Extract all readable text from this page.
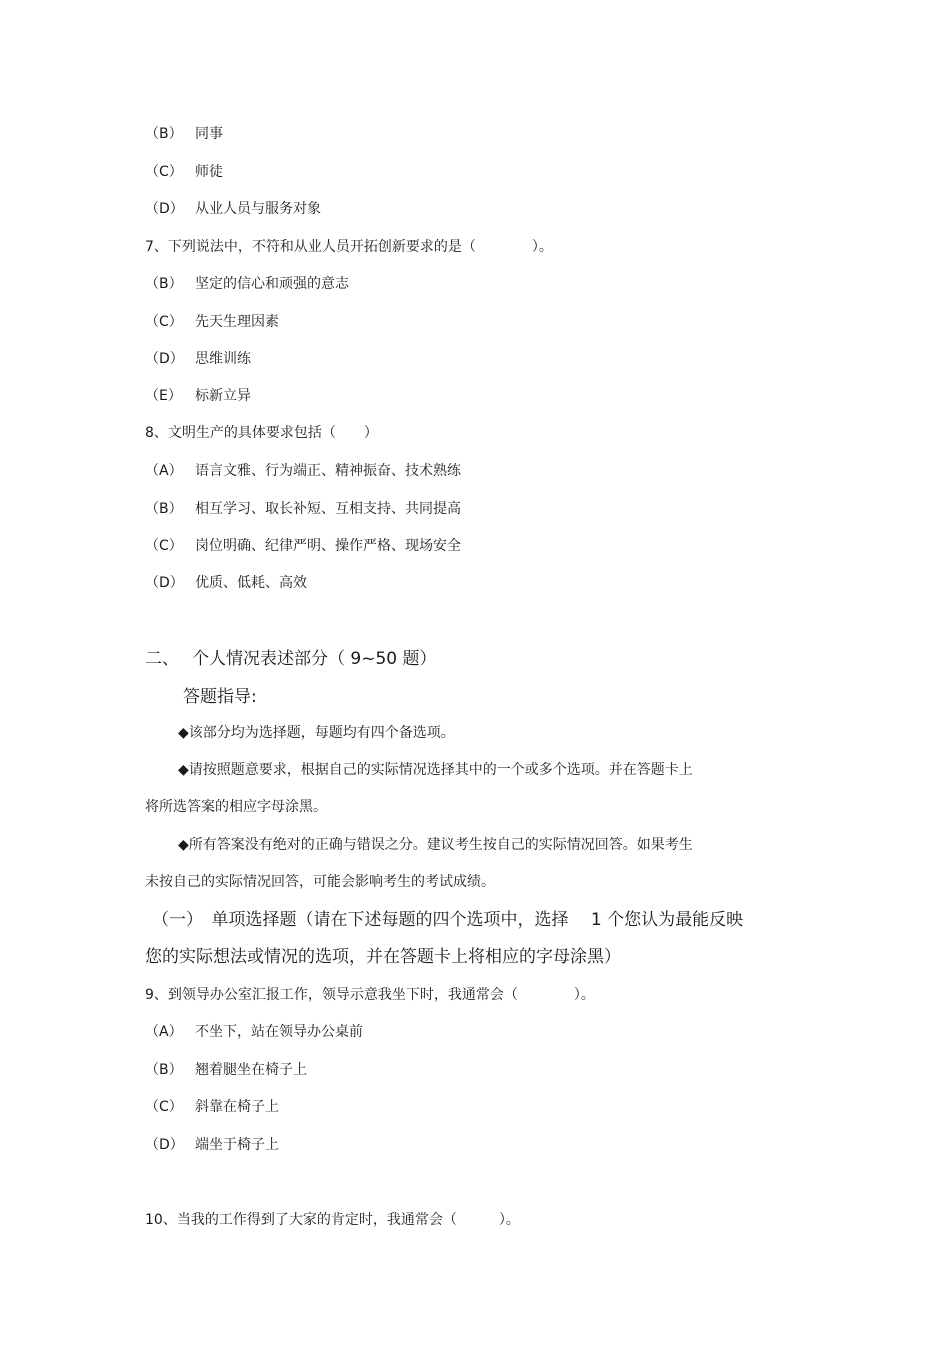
（B） 同事
（C） 师徒
（D） 从业人员与服务对象
7、下列说法中，不符和从业人员开拓创新要求的是（　　　　）。
（B） 坚定的信心和顽强的意志
（C） 先天生理因素
（D） 思维训练
（E） 标新立异
8、文明生产的具体要求包括（　　）
（A） 语言文雅、行为端正、精神振奋、技术熟练
（B） 相互学习、取长补短、互相支持、共同提高
（C） 岗位明确、纪律严明、操作严格、现场安全
（D） 优质、低耗、高效
二、 个人情况表述部分（ 9~50 题）
答题指导:
◆该部分均为选择题，每题均有四个备选项。
◆请按照题意要求，根据自己的实际情况选择其中的一个或多个选项。并在答题卡上
将所选答案的相应字母涂黑。
◆所有答案没有绝对的正确与错误之分。建议考生按自己的实际情况回答。如果考生
未按自己的实际情况回答，可能会影响考生的考试成绩。
（一）　单项选择题（请在下述每题的四个选项中，选择　 1 个您认为最能反映
您的实际想法或情况的选项，并在答题卡上将相应的字母涂黑）
9、到领导办公室汇报工作，领导示意我坐下时，我通常会（　　　　）。
（A） 不坐下，站在领导办公桌前
（B） 翘着腿坐在椅子上
（C） 斜靠在椅子上
（D） 端坐于椅子上
10、当我的工作得到了大家的肯定时，我通常会（　　　）。
